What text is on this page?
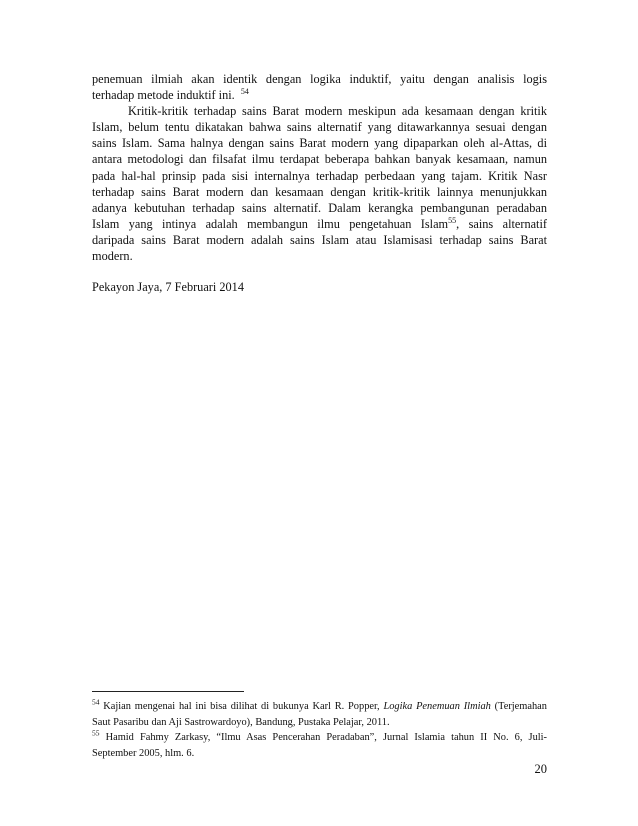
penemuan ilmiah akan identik dengan logika induktif, yaitu dengan analisis logis
terhadap metode induktif ini. $^{54}$
Kritik-kritik terhadap sains Barat modern meskipun ada kesamaan dengan kritik
Islam, belum tentu dikatakan bahwa sains alternatif yang ditawarkannya sesuai dengan
sains Islam. Sama halnya dengan sains Barat modern yang dipaparkan oleh al-Attas, di
antara metodologi dan filsafat ilmu terdapat beberapa bahkan banyak kesamaan, namun
pada hal-hal prinsip pada sisi internalnya terhadap perbedaan yang tajam. Kritik Nasr
terhadap sains Barat modern dan kesamaan dengan kritik-kritik lainnya menunjukkan
adanya kebutuhan terhadap sains alternatif. Dalam kerangka pembangunan peradaban
Islam yang intinya adalah membangun ilmu pengetahuan Islam$^{55}$, sains alternatif
daripada sains Barat modern adalah sains Islam atau Islamisasi terhadap sains Barat
modern.
Pekayon Jaya, 7 Februari 2014
$^{54}$ Kajian mengenai hal ini bisa dilihat di bukunya Karl R. Popper, Logika Penemuan Ilmiah (Terjemahan
Saut Pasaribu dan Aji Sastrowardoyo), Bandung, Pustaka Pelajar, 2011.
$^{55}$ Hamid Fahmy Zarkasy, “Ilmu Asas Pencerahan Peradaban”, Jurnal Islamia tahun II No. 6, Juli-
September 2005, hlm. 6.
20
